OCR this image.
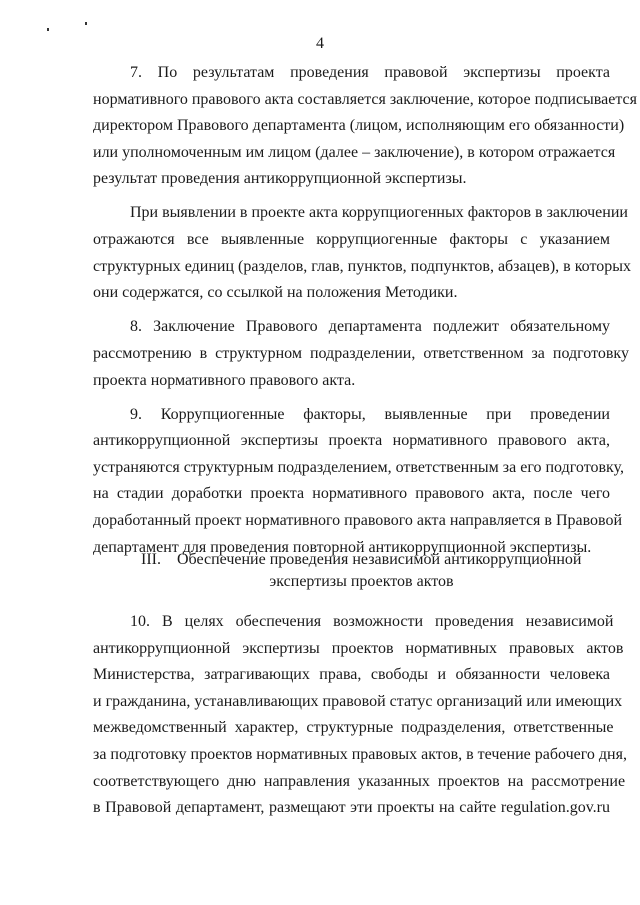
4
7.   По   результатам   проведения   правовой   экспертизы   проекта
нормативного правового акта составляется заключение, которое подписывается
директором Правового департамента (лицом, исполняющим его обязанности)
или уполномоченным им лицом (далее – заключение), в котором отражается
результат проведения антикоррупционной экспертизы.
При выявлении в проекте акта коррупциогенных факторов в заключении
отражаются  все  выявленные  коррупциогенные  факторы  с  указанием
структурных единиц (разделов, глав, пунктов, подпунктов, абзацев), в которых
они содержатся, со ссылкой на положения Методики.
8.  Заключение  Правового  департамента  подлежит  обязательному
рассмотрению  в  структурном  подразделении,  ответственном  за  подготовку
проекта нормативного правового акта.
9.   Коррупциогенные   факторы,   выявленные   при   проведении
антикоррупционной  экспертизы  проекта  нормативного  правового  акта,
устраняются структурным подразделением, ответственным за его подготовку,
на  стадии  доработки  проекта  нормативного  правового  акта,  после  чего
доработанный проект нормативного правового акта направляется в Правовой
департамент для проведения повторной антикоррупционной экспертизы.
III.    Обеспечение проведения независимой антикоррупционной
экспертизы проектов актов
10.   В   целях   обеспечения   возможности   проведения   независимой
антикоррупционной   экспертизы   проектов   нормативных   правовых   актов
Министерства,  затрагивающих  права,  свободы  и  обязанности  человека
и гражданина, устанавливающих правовой статус организаций или имеющих
межведомственный  характер,  структурные  подразделения,  ответственные
за подготовку проектов нормативных правовых актов, в течение рабочего дня,
соответствующего  дню  направления  указанных  проектов  на  рассмотрение
в Правовой департамент, размещают эти проекты на сайте regulation.gov.ru
